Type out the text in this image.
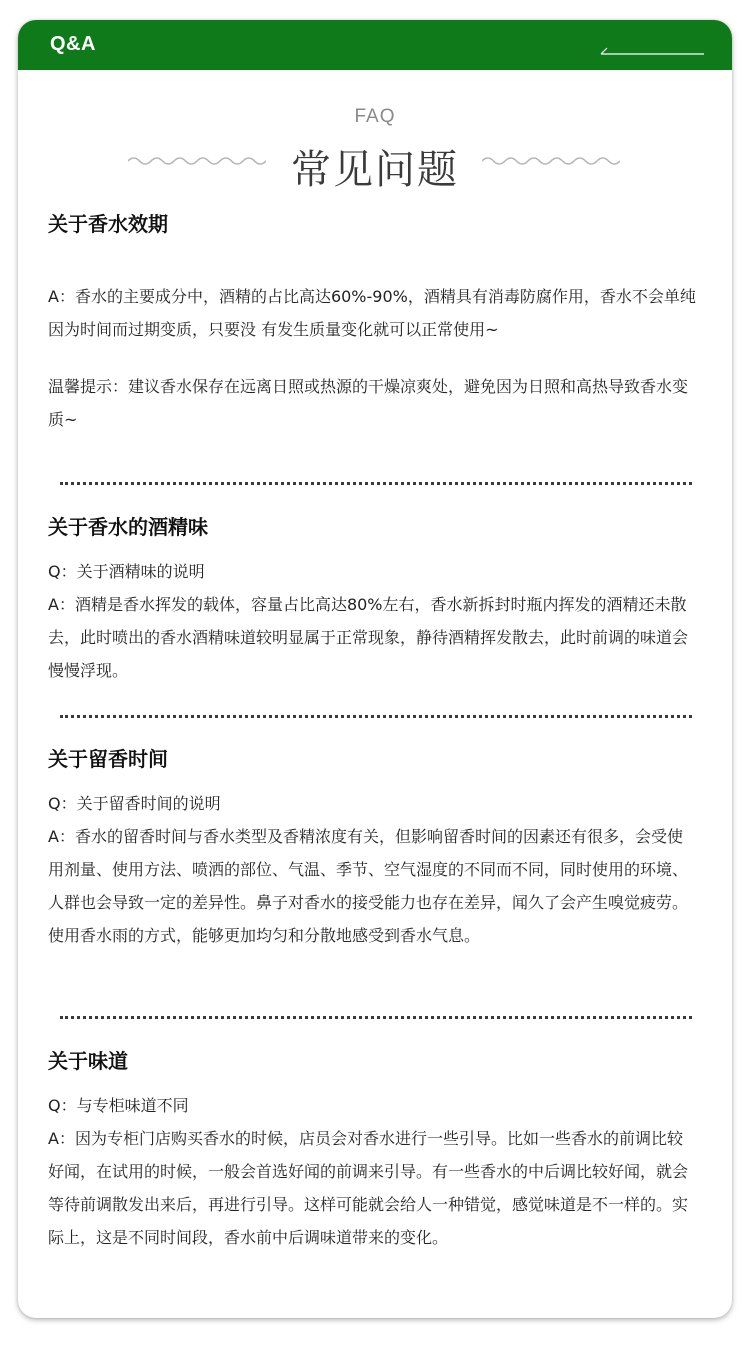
Q&A
FAQ
常见问题
关于香水效期
A：香水的主要成分中，酒精的占比高达60%-90%，酒精具有消毒防腐作用，香水不会单纯因为时间而过期变质，只要没 有发生质量变化就可以正常使用~
温馨提示：建议香水保存在远离日照或热源的干燥凉爽处，避免因为日照和高热导致香水变质~
关于香水的酒精味
Q：关于酒精味的说明
A：酒精是香水挥发的载体，容量占比高达80%左右，香水新拆封时瓶内挥发的酒精还未散去，此时喷出的香水酒精味道较明显属于正常现象，静待酒精挥发散去，此时前调的味道会慢慢浮现。
关于留香时间
Q：关于留香时间的说明
A：香水的留香时间与香水类型及香精浓度有关，但影响留香时间的因素还有很多，会受使用剂量、使用方法、喷洒的部位、气温、季节、空气湿度的不同而不同，同时使用的环境、人群也会导致一定的差异性。鼻子对香水的接受能力也存在差异，闻久了会产生嗅觉疲劳。使用香水雨的方式，能够更加均匀和分散地感受到香水气息。
关于味道
Q：与专柜味道不同
A：因为专柜门店购买香水的时候，店员会对香水进行一些引导。比如一些香水的前调比较好闻，在试用的时候，一般会首选好闻的前调来引导。有一些香水的中后调比较好闻，就会等待前调散发出来后，再进行引导。这样可能就会给人一种错觉，感觉味道是不一样的。实际上，这是不同时间段，香水前中后调味道带来的变化。
